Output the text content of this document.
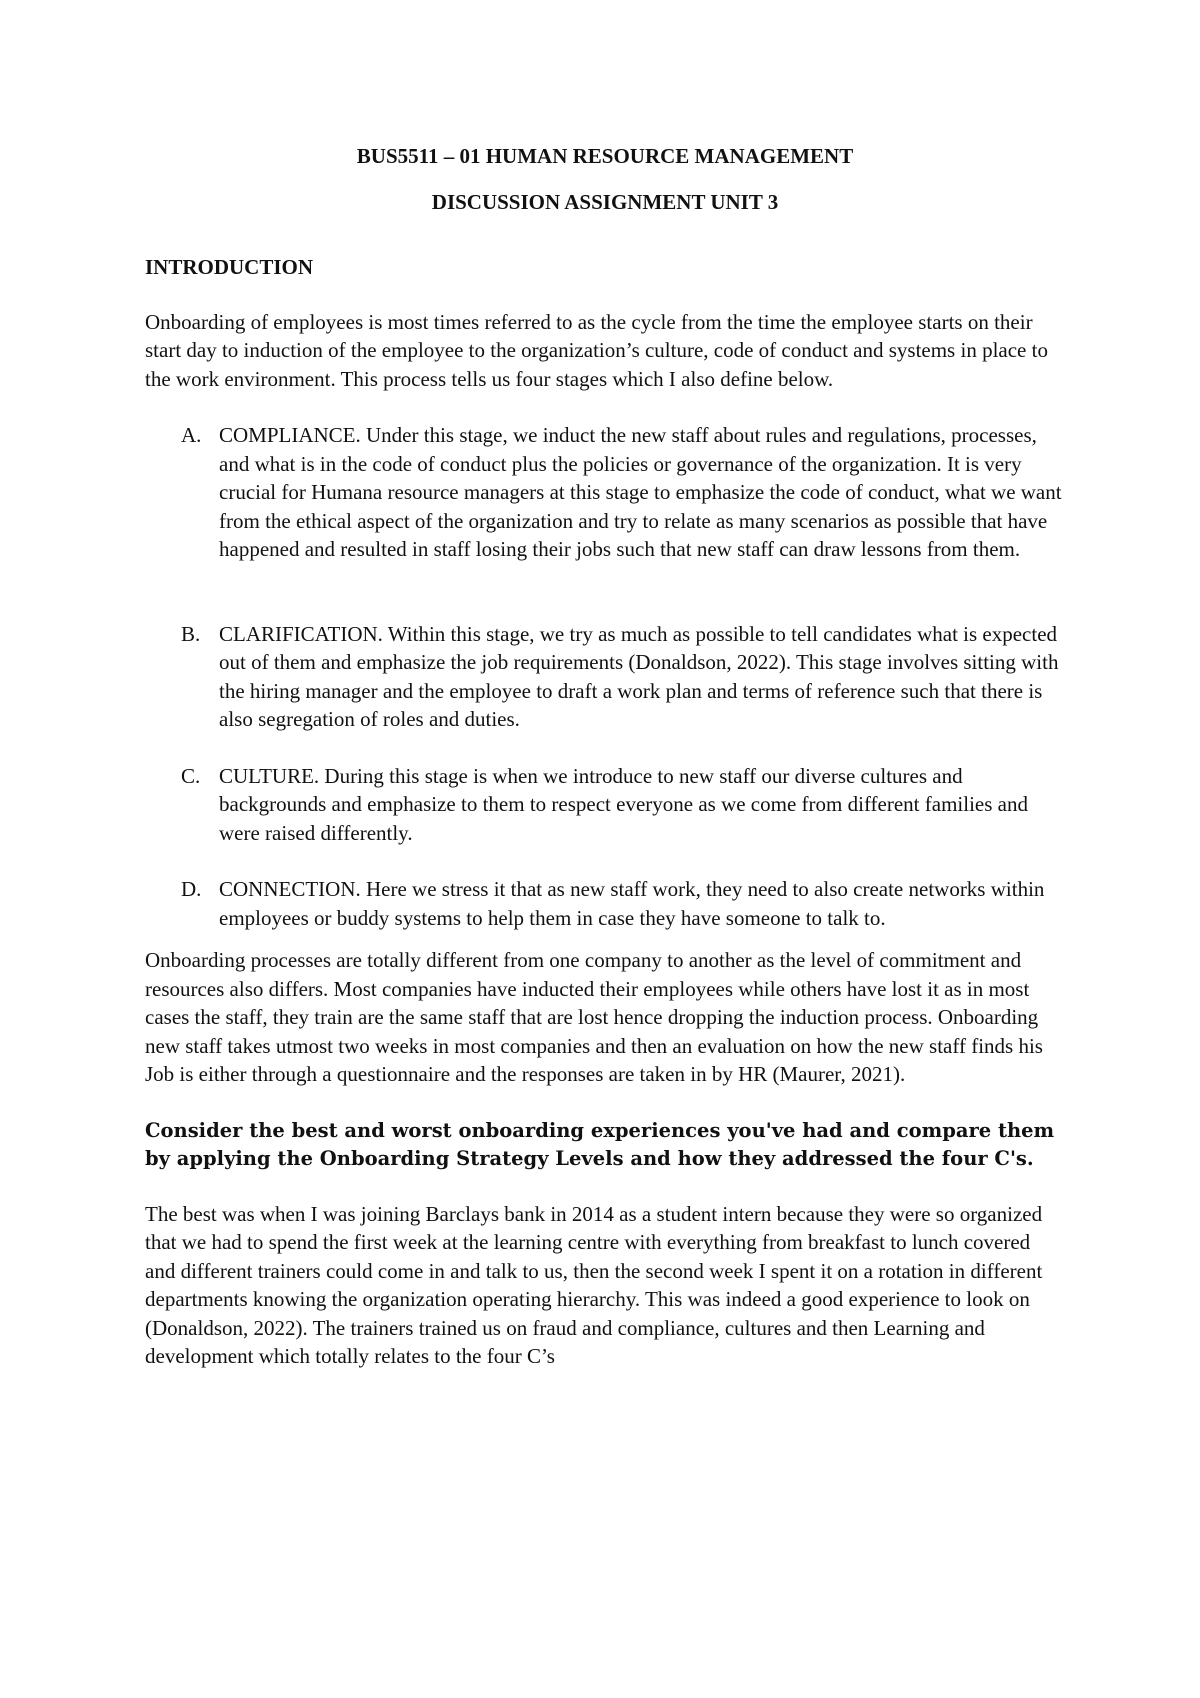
BUS5511 – 01 HUMAN RESOURCE MANAGEMENT

DISCUSSION ASSIGNMENT UNIT 3

INTRODUCTION

Onboarding of employees is most times referred to as the cycle from the time the employee starts on their start day to induction of the employee to the organization’s culture, code of conduct and systems in place to the work environment. This process tells us four stages which I also define below.

A. COMPLIANCE. Under this stage, we induct the new staff about rules and regulations, processes, and what is in the code of conduct plus the policies or governance of the organization. It is very crucial for Humana resource managers at this stage to emphasize the code of conduct, what we want from the ethical aspect of the organization and try to relate as many scenarios as possible that have happened and resulted in staff losing their jobs such that new staff can draw lessons from them.
B. CLARIFICATION. Within this stage, we try as much as possible to tell candidates what is expected out of them and emphasize the job requirements (Donaldson, 2022). This stage involves sitting with the hiring manager and the employee to draft a work plan and terms of reference such that there is also segregation of roles and duties.
C. CULTURE. During this stage is when we introduce to new staff our diverse cultures and backgrounds and emphasize to them to respect everyone as we come from different families and were raised differently.
D. CONNECTION. Here we stress it that as new staff work, they need to also create networks within employees or buddy systems to help them in case they have someone to talk to.

Onboarding processes are totally different from one company to another as the level of commitment and resources also differs. Most companies have inducted their employees while others have lost it as in most cases the staff, they train are the same staff that are lost hence dropping the induction process. Onboarding new staff takes utmost two weeks in most companies and then an evaluation on how the new staff finds his Job is either through a questionnaire and the responses are taken in by HR (Maurer, 2021).

Consider the best and worst onboarding experiences you've had and compare them by applying the Onboarding Strategy Levels and how they addressed the four C's.

The best was when I was joining Barclays bank in 2014 as a student intern because they were so organized that we had to spend the first week at the learning centre with everything from breakfast to lunch covered and different trainers could come in and talk to us, then the second week I spent it on a rotation in different departments knowing the organization operating hierarchy. This was indeed a good experience to look on (Donaldson, 2022). The trainers trained us on fraud and compliance, cultures and then Learning and development which totally relates to the four C’s
